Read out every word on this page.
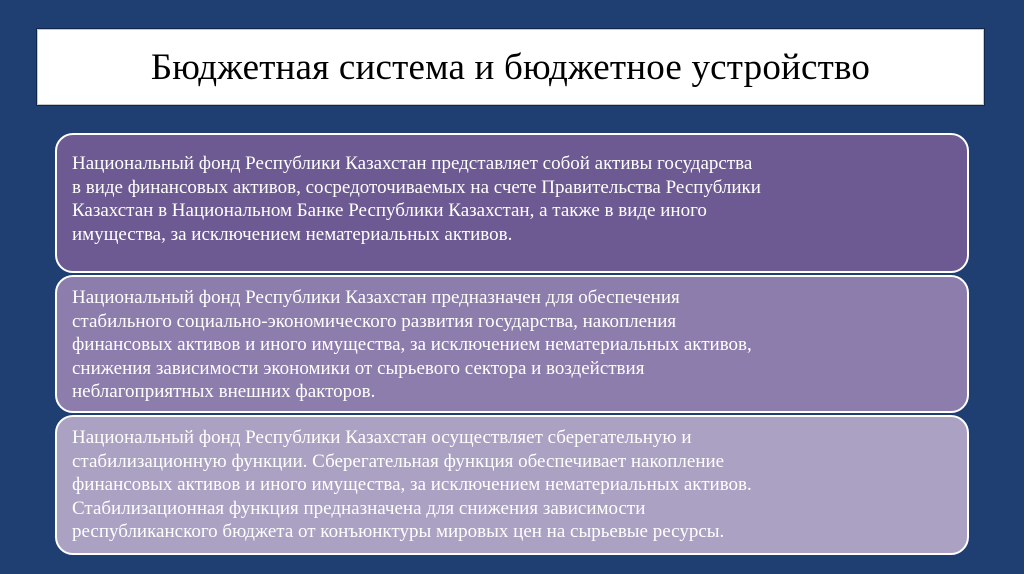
Бюджетная система и бюджетное устройство

Национальный фонд Республики Казахстан представляет собой активы государства

в виде финансовых активов, сосредоточиваемых на счете Правительства Республики

Казахстан в Национальном Банке Республики Казахстан, а также в виде иного

имущества, за исключением нематериальных активов.

Национальный фонд Республики Казахстан предназначен для обеспечения

стабильного социально-экономического развития государства, накопления

финансовых активов и иного имущества, за исключением нематериальных активов,

снижения зависимости экономики от сырьевого сектора и воздействия

неблагоприятных внешних факторов.

Национальный фонд Республики Казахстан осуществляет сберегательную и

стабилизационную функции. Сберегательная функция обеспечивает накопление

финансовых активов и иного имущества, за исключением нематериальных активов.

Стабилизационная функция предназначена для снижения зависимости

республиканского бюджета от конъюнктуры мировых цен на сырьевые ресурсы.
